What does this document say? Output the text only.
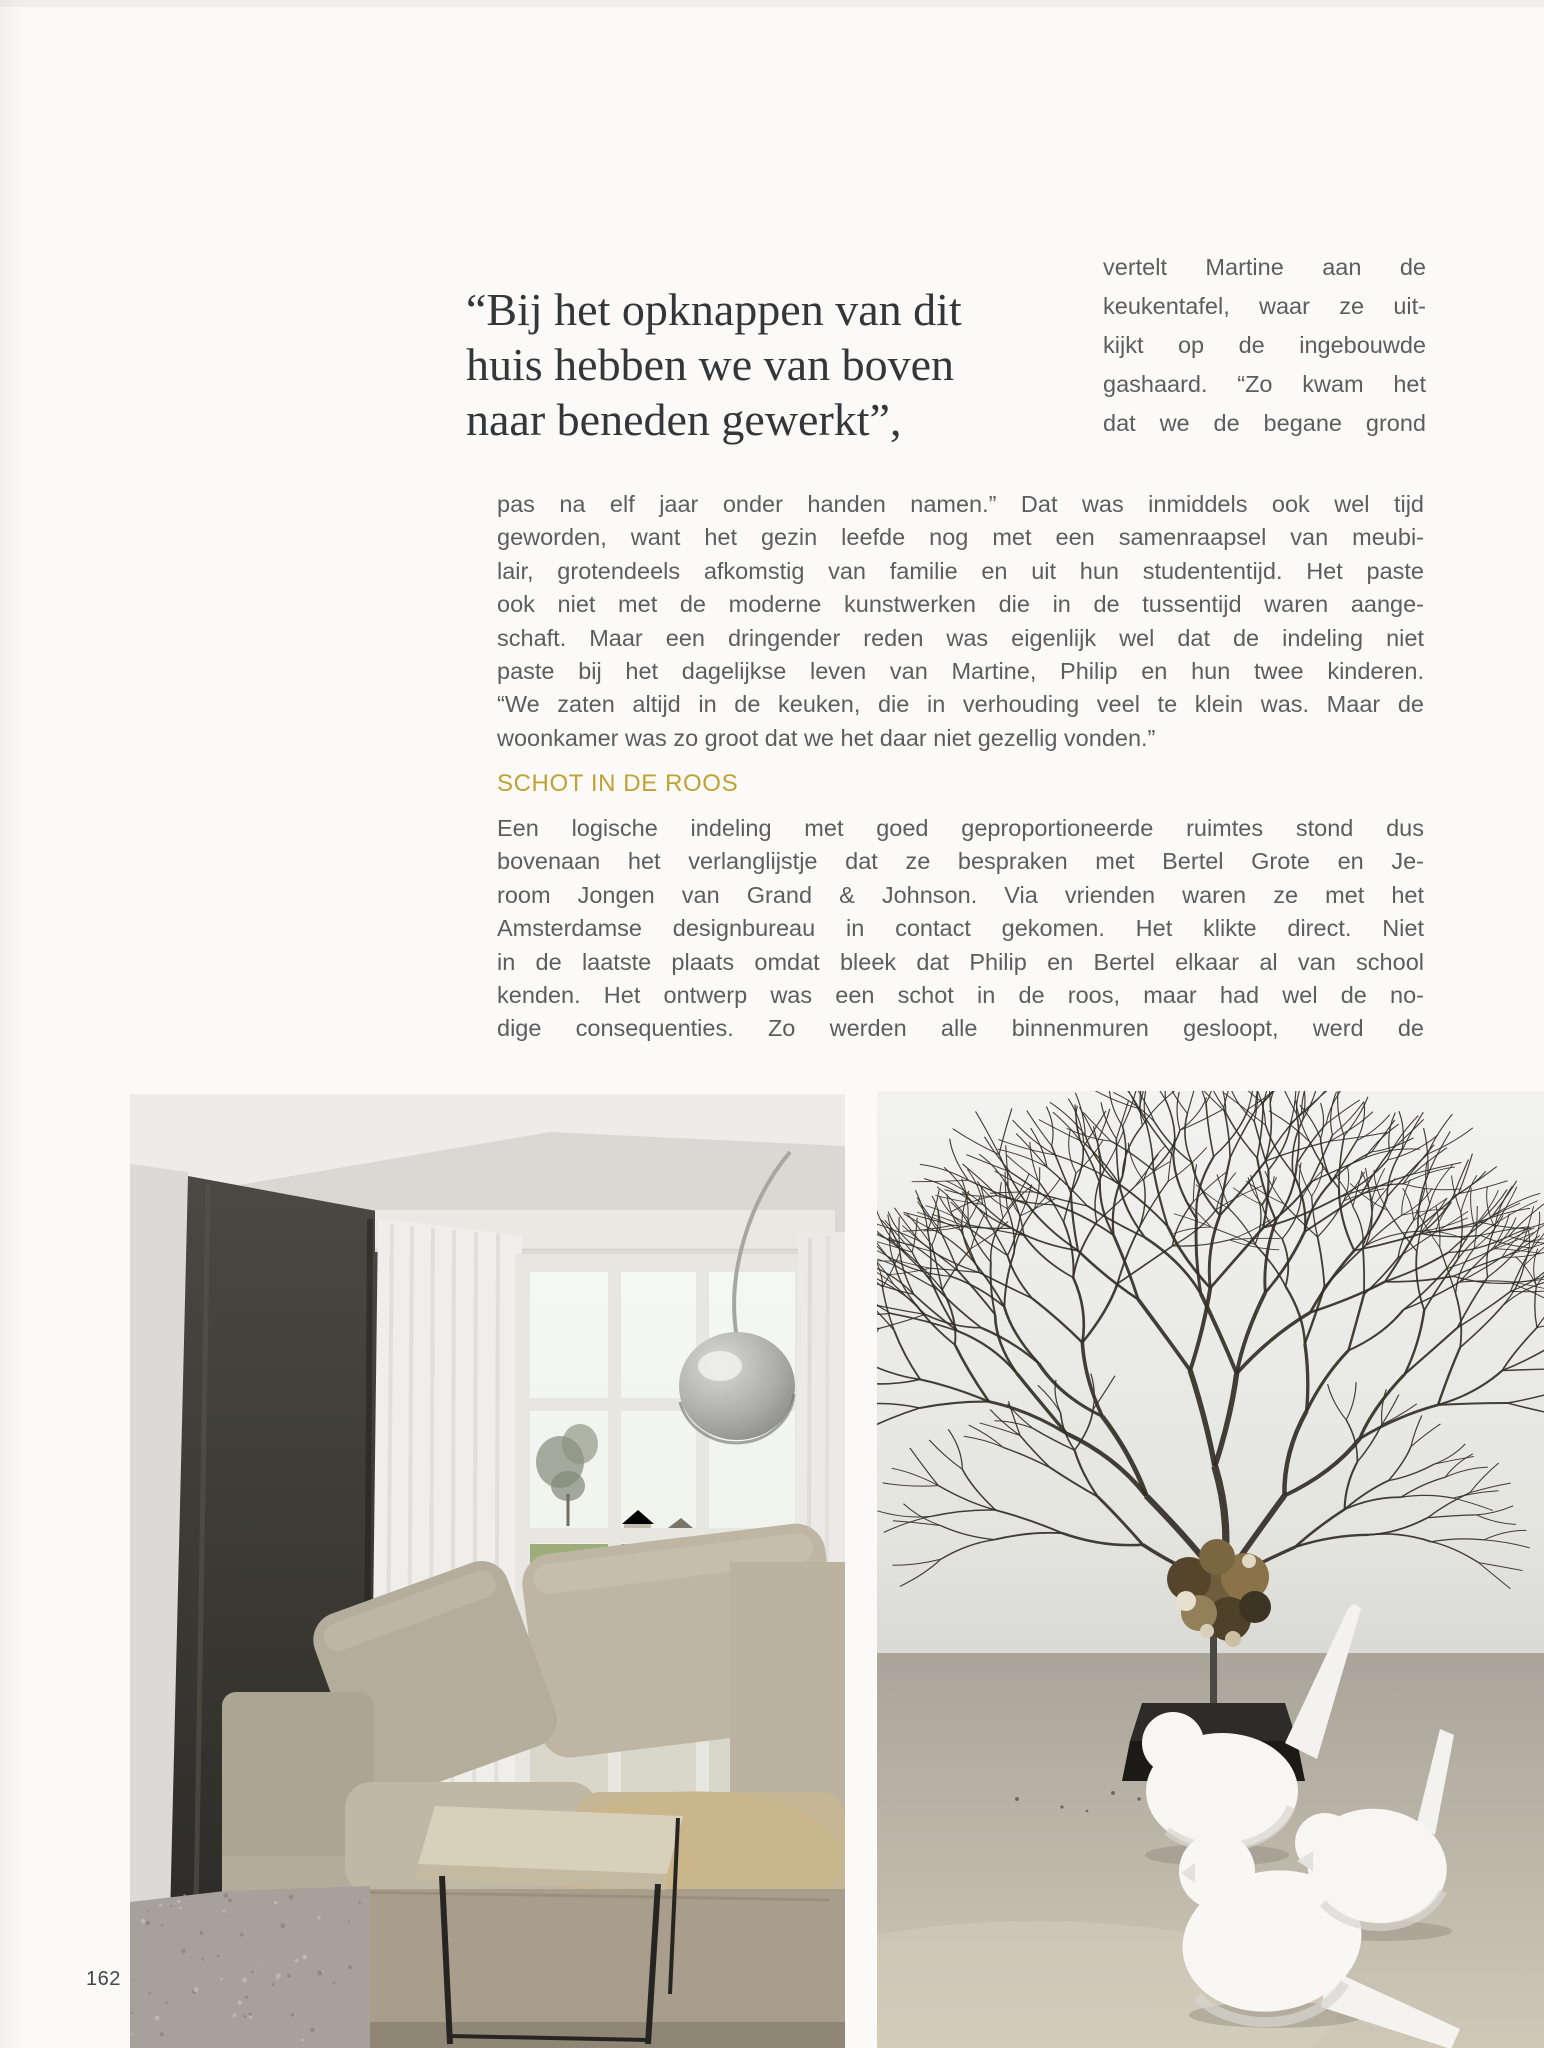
“Bij het opknappen van dit
huis hebben we van boven
naar beneden gewerkt”,
vertelt Martine aan de
keukentafel, waar ze uit-
kijkt op de ingebouwde
gashaard. “Zo kwam het
dat we de begane grond
pas na elf jaar onder handen namen.” Dat was inmiddels ook wel tijd
geworden, want het gezin leefde nog met een samenraapsel van meubi-
lair, grotendeels afkomstig van familie en uit hun studententijd. Het paste
ook niet met de moderne kunstwerken die in de tussentijd waren aange-
schaft. Maar een dringender reden was eigenlijk wel dat de indeling niet
paste bij het dagelijkse leven van Martine, Philip en hun twee kinderen.
“We zaten altijd in de keuken, die in verhouding veel te klein was. Maar de
woonkamer was zo groot dat we het daar niet gezellig vonden.”
SCHOT IN DE ROOS
Een logische indeling met goed geproportioneerde ruimtes stond dus
bovenaan het verlanglijstje dat ze bespraken met Bertel Grote en Je-
room Jongen van Grand & Johnson. Via vrienden waren ze met het
Amsterdamse designbureau in contact gekomen. Het klikte direct. Niet
in de laatste plaats omdat bleek dat Philip en Bertel elkaar al van school
kenden. Het ontwerp was een schot in de roos, maar had wel de no-
dige consequenties. Zo werden alle binnenmuren gesloopt, werd de
162
